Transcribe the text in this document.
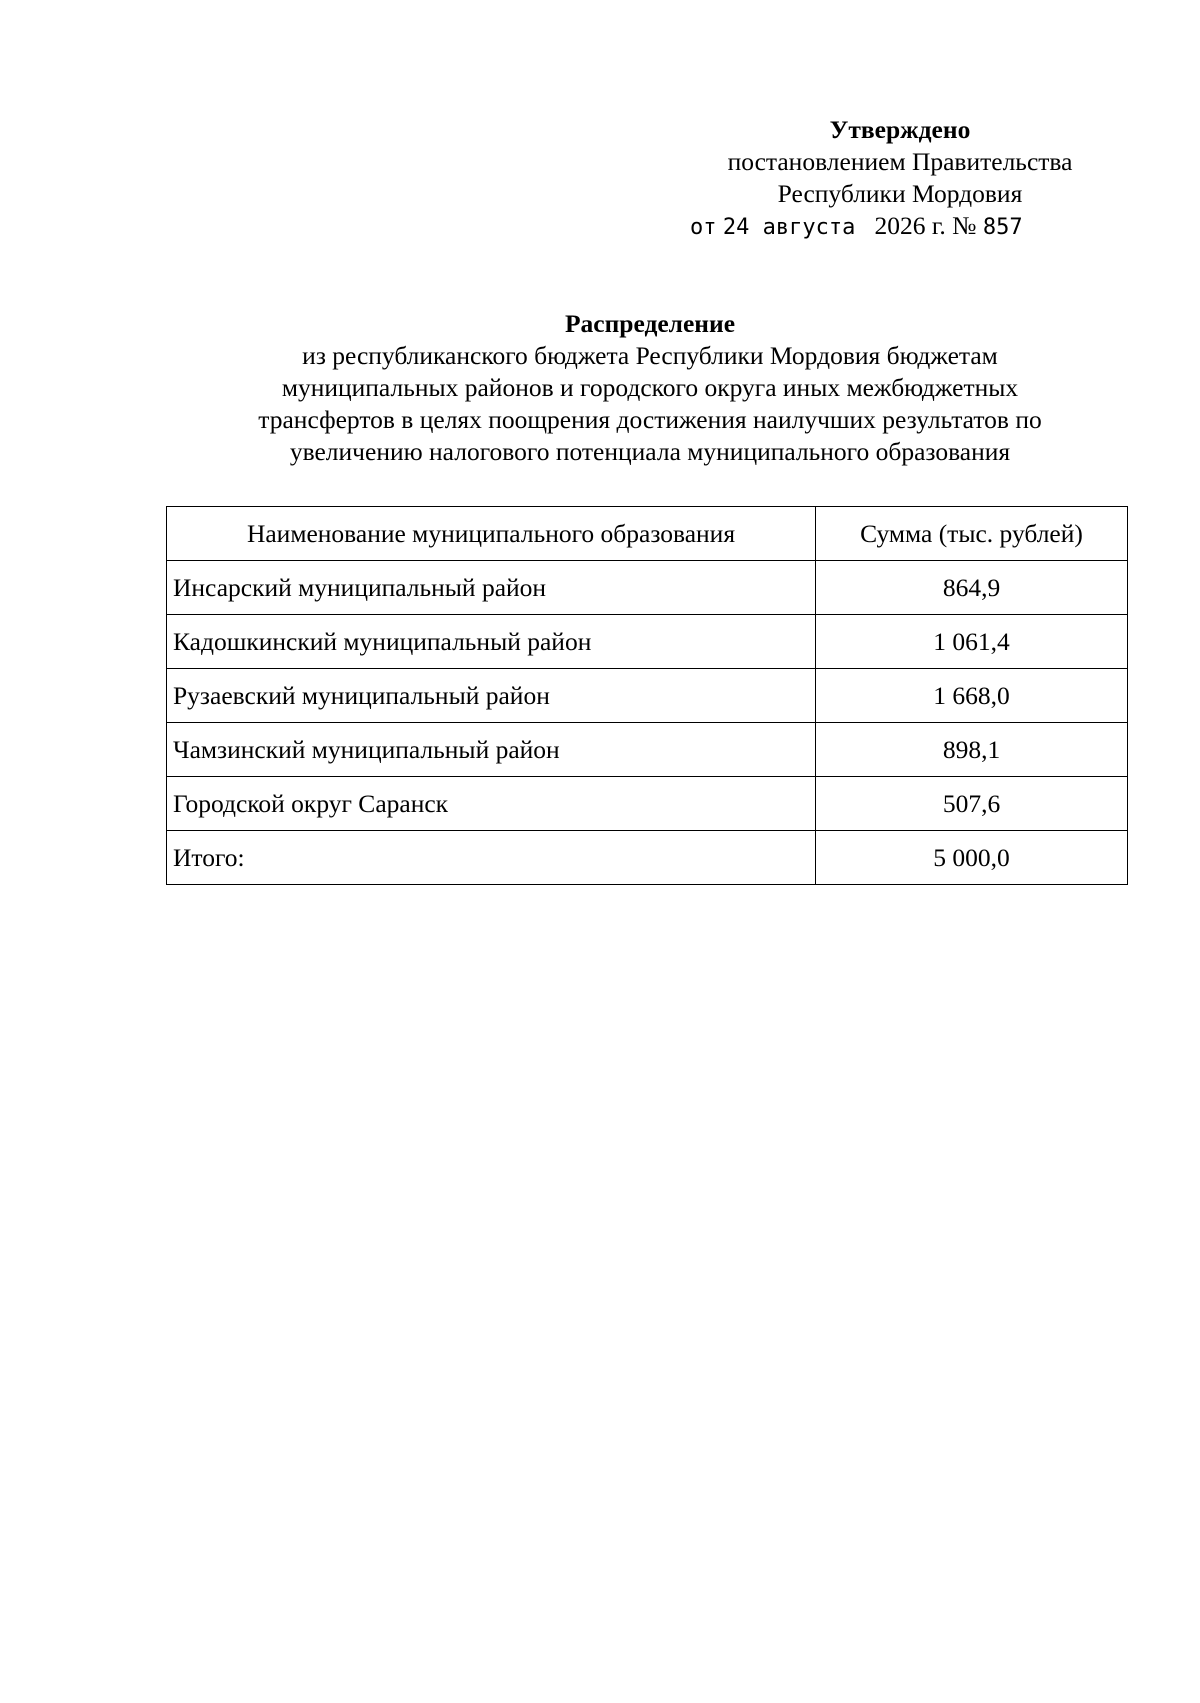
Утверждено
постановлением Правительства
Республики Мордовия
от 24 августа 2026 г. № 857
Распределение
из республиканского бюджета Республики Мордовия бюджетам
муниципальных районов и городского округа иных межбюджетных
трансфертов в целях поощрения достижения наилучших результатов по
увеличению налогового потенциала муниципального образования
Наименование муниципального образования	Сумма (тыс. рублей)
Инсарский муниципальный район	864,9
Кадошкинский муниципальный район	1 061,4
Рузаевский муниципальный район	1 668,0
Чамзинский муниципальный район	898,1
Городской округ Саранск	507,6
Итого:	5 000,0
